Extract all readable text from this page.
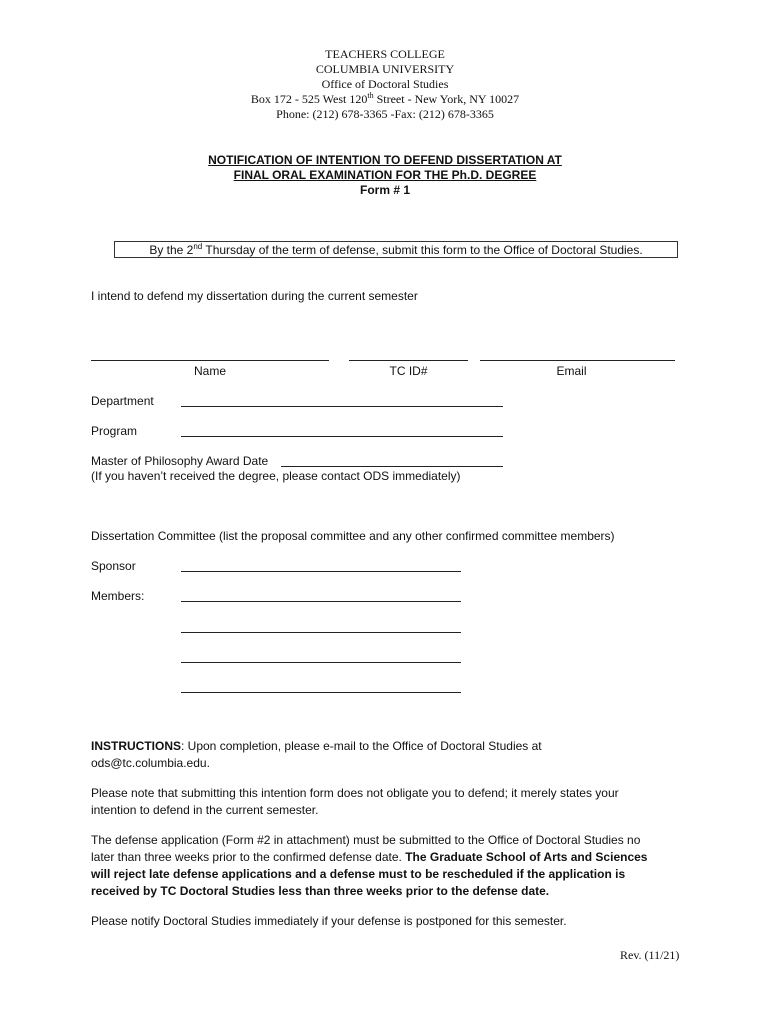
TEACHERS COLLEGE
COLUMBIA UNIVERSITY
Office of Doctoral Studies
Box 172 - 525 West 120th Street - New York, NY 10027
Phone: (212) 678-3365 -Fax: (212) 678-3365
NOTIFICATION OF INTENTION TO DEFEND DISSERTATION AT
FINAL ORAL EXAMINATION FOR THE Ph.D. DEGREE
Form # 1
By the 2nd Thursday of the term of defense, submit this form to the Office of Doctoral Studies.
I intend to defend my dissertation during the current semester
Name	TC ID#	Email
Department
Program
Master of Philosophy Award Date
(If you haven’t received the degree, please contact ODS immediately)
Dissertation Committee (list the proposal committee and any other confirmed committee members)
Sponsor
Members:
INSTRUCTIONS: Upon completion, please e-mail to the Office of Doctoral Studies at
ods@tc.columbia.edu.
Please note that submitting this intention form does not obligate you to defend; it merely states your
intention to defend in the current semester.
The defense application (Form #2 in attachment) must be submitted to the Office of Doctoral Studies no
later than three weeks prior to the confirmed defense date. The Graduate School of Arts and Sciences
will reject late defense applications and a defense must to be rescheduled if the application is
received by TC Doctoral Studies less than three weeks prior to the defense date.
Please notify Doctoral Studies immediately if your defense is postponed for this semester.
Rev. (11/21)
